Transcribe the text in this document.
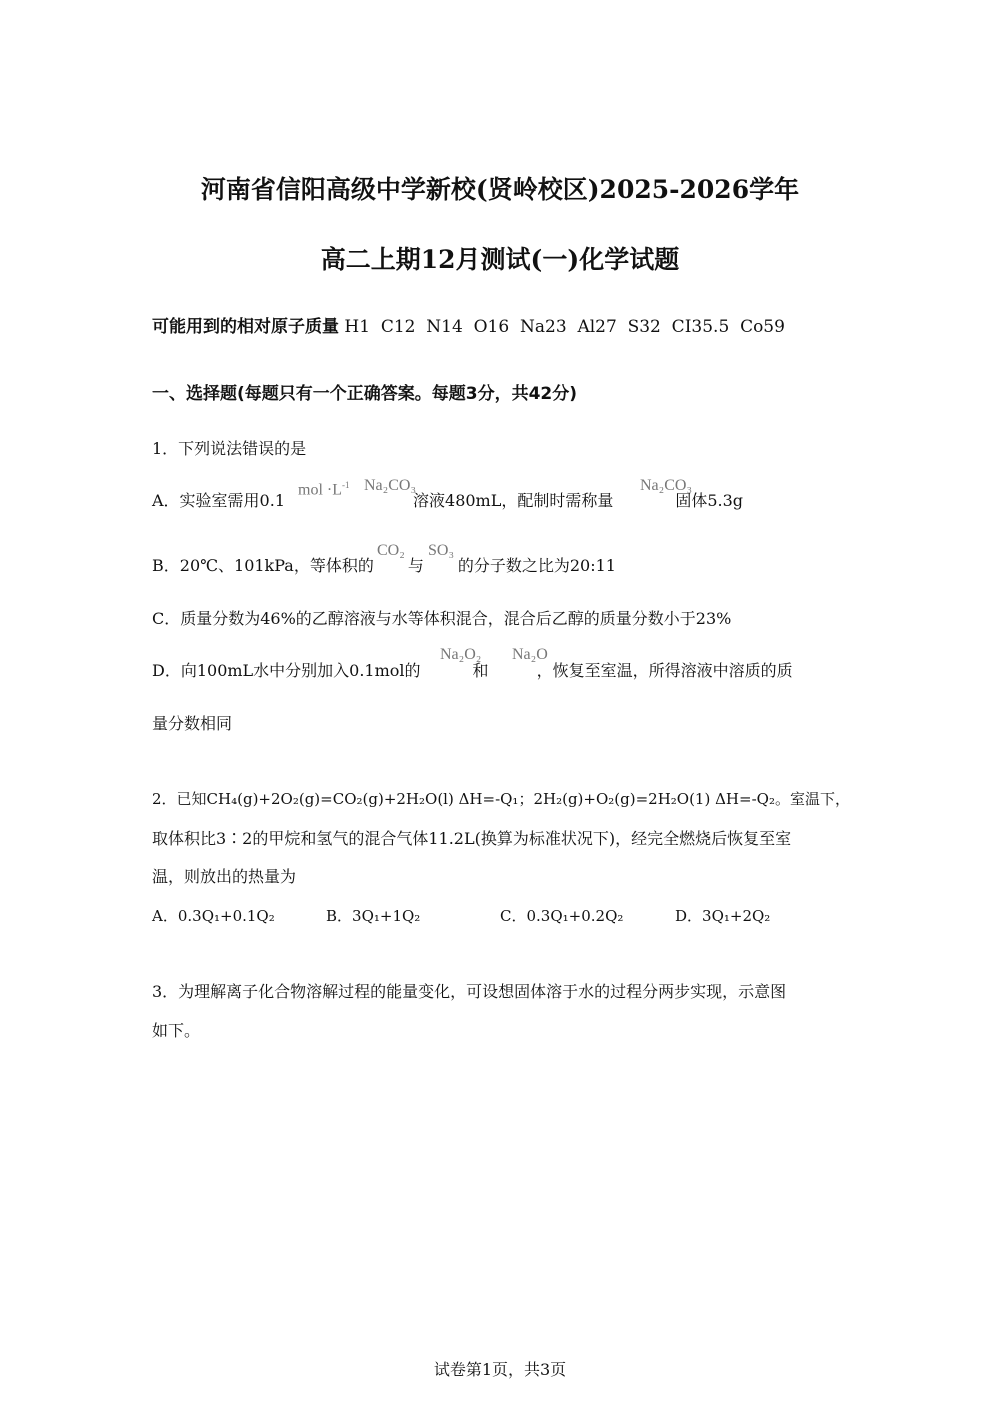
河南省信阳高级中学新校(贤岭校区)2025-2026学年
高二上期12月测试(一)化学试题
可能用到的相对原子质量 H1  C12  N14  O16  Na23  Al27  S32  CI35.5  Co59
一、选择题(每题只有一个正确答案。每题3分，共42分)
1．下列说法错误的是
A．实验室需用0.1	溶液480mL，配制时需称量	固体5.3g
mol $\cdot L^{-1}$ Na₂CO₃	Na₂CO₃
B．20℃、101kPa，等体积的 与 的分子数之比为20:11
CO₂ SO₃
C．质量分数为46%的乙醇溶液与水等体积混合，混合后乙醇的质量分数小于23%
D．向100mL水中分别加入0.1mol的	和	，恢复至室温，所得溶液中溶质的质
Na₂O₂ Na₂O
量分数相同
2．已知CH₄(g)+2O₂(g)=CO₂(g)+2H₂O(l) ΔH=-Q₁；2H₂(g)+O₂(g)=2H₂O(1) ΔH=-Q₂。室温下，
取体积比3∶2的甲烷和氢气的混合气体11.2L(换算为标准状况下)，经完全燃烧后恢复至室
温，则放出的热量为
A．0.3Q₁+0.1Q₂	B．3Q₁+1Q₂	C．0.3Q₁+0.2Q₂	D．3Q₁+2Q₂
3．为理解离子化合物溶解过程的能量变化，可设想固体溶于水的过程分两步实现，示意图
如下。
试卷第1页，共3页
